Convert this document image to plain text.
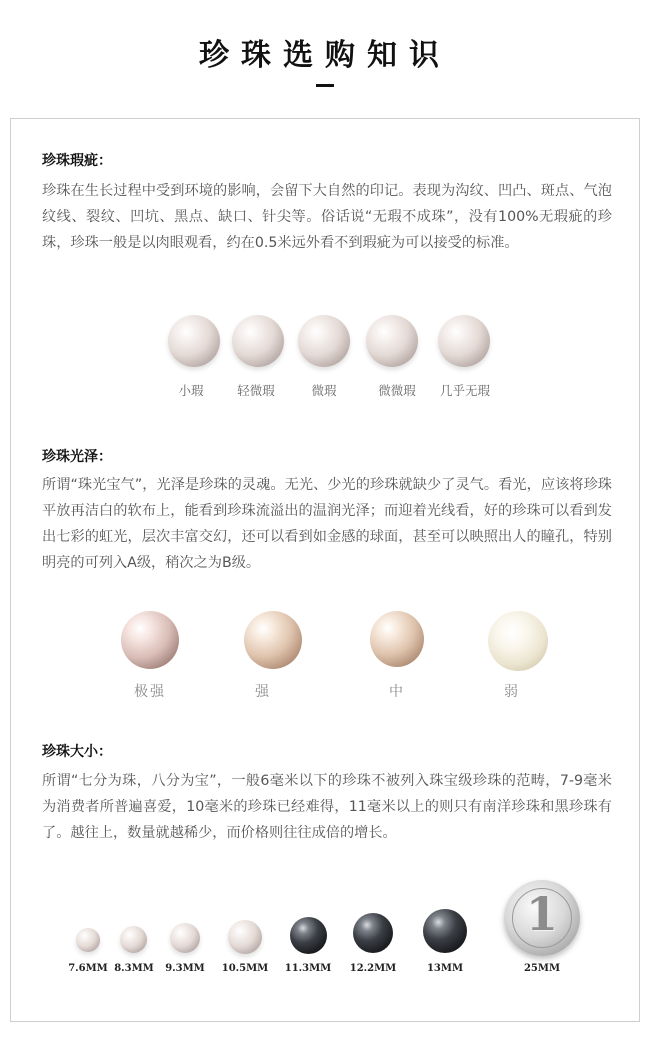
珍珠选购知识
珍珠瑕疵：
珍珠在生长过程中受到环境的影响，会留下大自然的印记。表现为沟纹、凹凸、斑点、气泡纹线、裂纹、凹坑、黑点、缺口、针尖等。俗话说“无瑕不成珠”，没有100%无瑕疵的珍珠，珍珠一般是以肉眼观看，约在0.5米远外看不到瑕疵为可以接受的标准。
小瑕	轻微瑕	微瑕	微微瑕	几乎无瑕
珍珠光泽：
所谓“珠光宝气”，光泽是珍珠的灵魂。无光、少光的珍珠就缺少了灵气。看光，应该将珍珠平放再洁白的软布上，能看到珍珠流溢出的温润光泽；而迎着光线看，好的珍珠可以看到发出七彩的虹光，层次丰富交幻，还可以看到如金感的球面，甚至可以映照出人的瞳孔，特别明亮的可列入A级，稍次之为B级。
极强	强	中	弱
珍珠大小：
所谓“七分为珠，八分为宝”，一般6毫米以下的珍珠不被列入珠宝级珍珠的范畴，7-9毫米为消费者所普遍喜爱，10毫米的珍珠已经难得，11毫米以上的则只有南洋珍珠和黑珍珠有了。越往上，数量就越稀少，而价格则往往成倍的增长。
1
7.6MM 8.3MM	9.3MM	10.5MM	11.3MM	12.2MM	13MM	25MM
